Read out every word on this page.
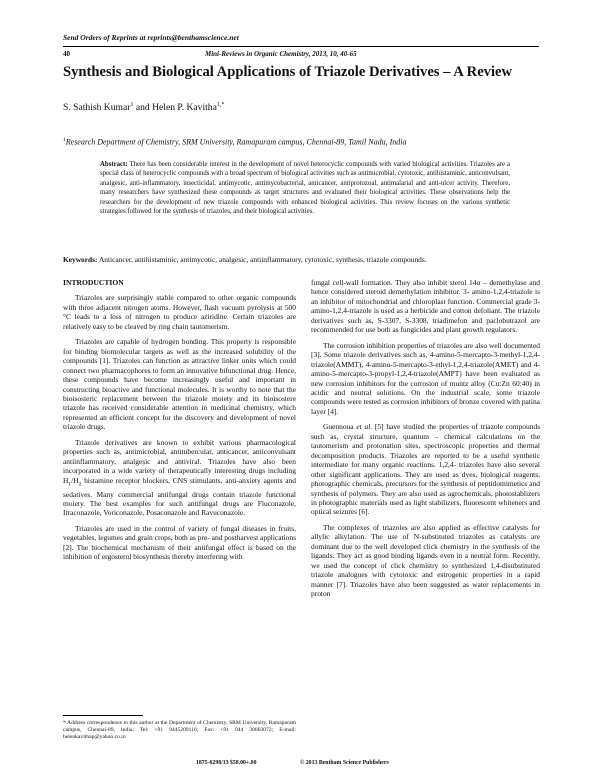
Send Orders of Reprints at reprints@benthamscience.net
40	Mini-Reviews in Organic Chemistry, 2013, 10, 40-65
Synthesis and Biological Applications of Triazole Derivatives – A Review
S. Sathish Kumar$^1$ and Helen P. Kavitha$^{1,*}$
$^1$Research Department of Chemistry, SRM University, Ramapuram campus, Chennai-89, Tamil Nadu, India
Abstract: There has been considerable interest in the development of novel heterocyclic compounds with varied biological activities. Triazoles are a special class of heterocyclic compounds with a broad spectrum of biological activities such as antimicrobial, cytotoxic, antihistaminic, anticonvulsant, analgesic, anti-inflammatory, insecticidal, antimycotic, antimycobacterial, anticancer, antiprotozoal, antimalarial and anti-ulcer activity. Therefore, many researchers have synthesized these compounds as target structures and evaluated their biological activities. These observations help the researchers for the development of new triazole compounds with enhanced biological activities. This review focuses on the various synthetic strategies followed for the synthesis of triazoles, and their biological activities.
Keywords: Anticancer, antihistaminic, antimycotic, analgesic, antiinflammatory, cytotoxic, synthesis, triazole compounds.
INTRODUCTION

Triazoles are surprisingly stable compared to other organic compounds with three adjacent nitrogen atoms. However, flash vacuum pyrolysis at 500 °C leads to a loss of nitrogen to produce aziridine. Certain triazoles are relatively easy to be cleaved by ring chain tautomerism.

Triazoles are capable of hydrogen bonding. This property is responsible for binding biomolecular targets as well as the increased solubility of the compounds [1]. Triazoles can function as attractive linker units which could connect two pharmacophores to form an innovative bifunctional drug. Hence, these compounds have become increasingly useful and important in constructing bioactive and functional molecules. It is worthy to note that the bioisosteric replacement between the triazole moiety and its bioisostere triazole has received considerable attention in medicinal chemistry, which represented an efficient concept for the discovery and development of novel triazole drugs.

Triazole derivatives are known to exhibit various pharmacological properties such as, antimicrobial, antitubercular, anticancer, anticonvulsant antiinflammatory, analgesic and antiviral. Triazoles have also been incorporated in a wide variety of therapeutically interesting drugs including $H_1/H_2$ histamine receptor blockers, CNS stimulants, anti-anxiety agents and sedatives. Many commercial antifungal drugs contain triazole functional moiety. The best examples for such antifungal drugs are Fluconazole, Itraconazole, Voriconazole, Posaconazole and Ravuconazole.

Triazoles are used in the control of variety of fungal diseases in fruits, vegetables, legumes and grain crops, both as pre- and postharvest applications [2]. The biochemical mechanism of their antifungal effect is based on the inhibition of ergosterol biosynthesis thereby interfering with

fungal cell-wall formation. They also inhibit sterol 14α – demethylase and hence considered steroid demethylation inhibitor. 3- amino-1,2,4-triazole is an inhibitor of mitochondrial and chloroplast function. Commercial grade 3-amino-1,2,4-triazole is used as a herbicide and cotton defoliant. The triazole derivatives such as, S-3307, S-3308, triadimefon and paclobutrazol are recommended for use both as fungicides and plant growth regulators.

The corrosion inhibition properties of triazoles are also well documented [3]. Some triazole derivatives such as, 4-amino-5-mercapto-3-methyl-1,2,4-triazole(AMMT), 4-amino-5-mercapto-3-ethyl-1,2,4-triazole(AMET) and 4-amino-5-mercapto-3-propyl-1,2,4-triazole(AMPT) have been evaluated as new corrosion inhibitors for the corrosion of muntz alloy (Cu:Zn 60:40) in acidic and neutral solutions. On the industrial scale, some triazole compounds were tested as corrosion inhibitors of bronze covered with patina layer [4].

Guennoua et al. [5] have studied the properties of triazole compounds such as, crystal structure, quantum – chemical calculations on the tautomerism and protonation sites, spectroscopic properties and thermal decomposition products. Triazoles are reported to be a useful synthetic intermediate for many organic reactions. 1,2,4- triazoles have also several other significant applications. They are used as dyes, biological reagents, photographic chemicals, precursors for the synthesis of peptidomimetics and synthesis of polymers. They are also used as agrochemicals, photostablizers in photographic materials used as light stabilizers, fluorescent whiteners and optical seizures [6].

The complexes of triazoles are also applied as effective catalysts for allylic alkylation. The use of N-substituted triazoles as catalysts are dominant due to the well developed click chemistry in the synthesis of the ligands. They act as good binding ligands even in a neutral form. Recently, we used the concept of click chemistry to synthesized 1,4-disubstituted triazole analogues with cytotoxic and estrogenic properties in a rapid manner [7]. Triazoles have also been suggested as water replacements in proton

* Address correspondence to this author at the Department of Chemistry, SRM University, Ramapuram campus, Chennai-89, India; Tel: +91 9445209116; Fax: +91 044 30603072; E-mail: helenkavithap@yahoo.co.in
1875-6298/13 $58.00+.00	© 2013 Bentham Science Publishers
